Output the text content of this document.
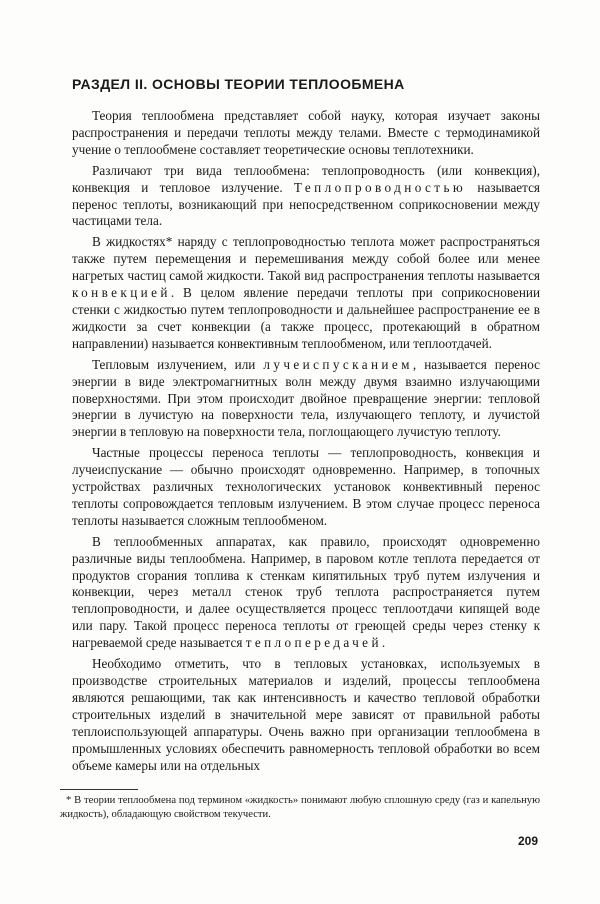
РАЗДЕЛ II. ОСНОВЫ ТЕОРИИ ТЕПЛООБМЕНА

Теория теплообмена представляет собой науку, которая изучает законы распространения и передачи теплоты между телами. Вместе с термодинамикой учение о теплообмене составляет теоретические основы теплотехники.

Различают три вида теплообмена: теплопроводность (или конвекция), конвекция и тепловое излучение. Теплопроводностью называется перенос теплоты, возникающий при непосредственном соприкосновении между частицами тела.

В жидкостях* наряду с теплопроводностью теплота может распространяться также путем перемещения и перемешивания между собой более или менее нагретых частиц самой жидкости. Такой вид распространения теплоты называется конвекцией. В целом явление передачи теплоты при соприкосновении стенки с жидкостью путем теплопроводности и дальнейшее распространение ее в жидкости за счет конвекции (а также процесс, протекающий в обратном направлении) называется конвективным теплообменом, или теплоотдачей.

Тепловым излучением, или лучеиспусканием, называется перенос энергии в виде электромагнитных волн между двумя взаимно излучающими поверхностями. При этом происходит двойное превращение энергии: тепловой энергии в лучистую на поверхности тела, излучающего теплоту, и лучистой энергии в тепловую на поверхности тела, поглощающего лучистую теплоту.

Частные процессы переноса теплоты — теплопроводность, конвекция и лучеиспускание — обычно происходят одновременно. Например, в топочных устройствах различных технологических установок конвективный перенос теплоты сопровождается тепловым излучением. В этом случае процесс переноса теплоты называется сложным теплообменом.

В теплообменных аппаратах, как правило, происходят одновременно различные виды теплообмена. Например, в паровом котле теплота передается от продуктов сгорания топлива к стенкам кипятильных труб путем излучения и конвекции, через металл стенок труб теплота распространяется путем теплопроводности, и далее осуществляется процесс теплоотдачи кипящей воде или пару. Такой процесс переноса теплоты от греющей среды через стенку к нагреваемой среде называется теплопередачей.

Необходимо отметить, что в тепловых установках, используемых в производстве строительных материалов и изделий, процессы теплообмена являются решающими, так как интенсивность и качество тепловой обработки строительных изделий в значительной мере зависят от правильной работы теплоиспользующей аппаратуры. Очень важно при организации теплообмена в промышленных условиях обеспечить равномерность тепловой обработки во всем объеме камеры или на отдельных

* В теории теплообмена под термином «жидкость» понимают любую сплошную среду (газ и капельную жидкость), обладающую свойством текучести.
209
